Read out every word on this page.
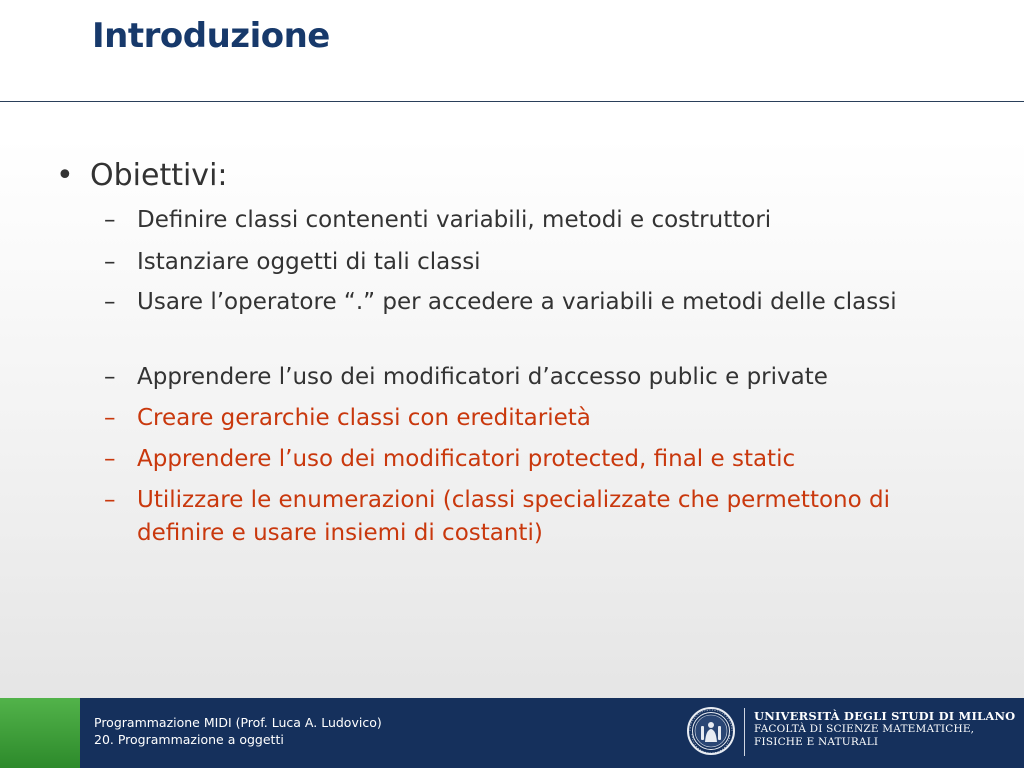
Introduzione
• Obiettivi:
– Definire classi contenenti variabili, metodi e costruttori
– Istanziare oggetti di tali classi
– Usare l’operatore “.” per accedere a variabili e metodi delle classi
– Apprendere l’uso dei modificatori d’accesso public e private
– Creare gerarchie classi con ereditarietà
– Apprendere l’uso dei modificatori protected, final e static
– Utilizzare le enumerazioni (classi specializzate che permettono di definire e usare insiemi di costanti)
Programmazione MIDI (Prof. Luca A. Ludovico)
20. Programmazione a oggetti
UNIVERSITÀ DEGLI STUDI DI MILANO
FACOLTÀ DI SCIENZE MATEMATICHE,
FISICHE E NATURALI
